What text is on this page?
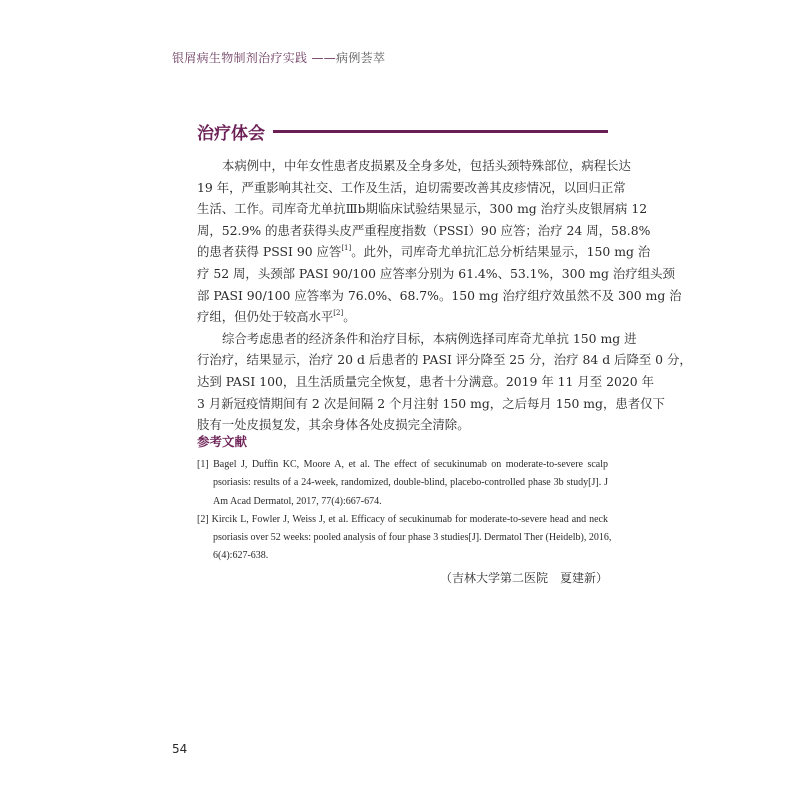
银屑病生物制剂治疗实践 ——病例荟萃
治疗体会
本病例中，中年女性患者皮损累及全身多处，包括头颈特殊部位，病程长达
19 年，严重影响其社交、工作及生活，迫切需要改善其皮疹情况，以回归正常
生活、工作。司库奇尤单抗Ⅲb期临床试验结果显示，300 mg 治疗头皮银屑病 12
周，52.9% 的患者获得头皮严重程度指数（PSSI）90 应答；治疗 24 周，58.8%
的患者获得 PSSI 90 应答[1]。此外，司库奇尤单抗汇总分析结果显示，150 mg 治
疗 52 周，头颈部 PASI 90/100 应答率分别为 61.4%、53.1%，300 mg 治疗组头颈
部 PASI 90/100 应答率为 76.0%、68.7%。150 mg 治疗组疗效虽然不及 300 mg 治
疗组，但仍处于较高水平[2]。
综合考虑患者的经济条件和治疗目标，本病例选择司库奇尤单抗 150 mg 进
行治疗，结果显示，治疗 20 d 后患者的 PASI 评分降至 25 分，治疗 84 d 后降至 0 分，
达到 PASI 100，且生活质量完全恢复，患者十分满意。2019 年 11 月至 2020 年
3 月新冠疫情期间有 2 次是间隔 2 个月注射 150 mg，之后每月 150 mg，患者仅下
肢有一处皮损复发，其余身体各处皮损完全清除。
参考文献
[1] Bagel J, Duffin KC, Moore A, et al. The effect of secukinumab on moderate-to-severe scalp
psoriasis: results of a 24-week, randomized, double-blind, placebo-controlled phase 3b study[J]. J
Am Acad Dermatol, 2017, 77(4):667-674.
[2] Kircik L, Fowler J, Weiss J, et al. Efficacy of secukinumab for moderate-to-severe head and neck
psoriasis over 52 weeks: pooled analysis of four phase 3 studies[J]. Dermatol Ther (Heidelb), 2016,
6(4):627-638.
（吉林大学第二医院　夏建新）
54
